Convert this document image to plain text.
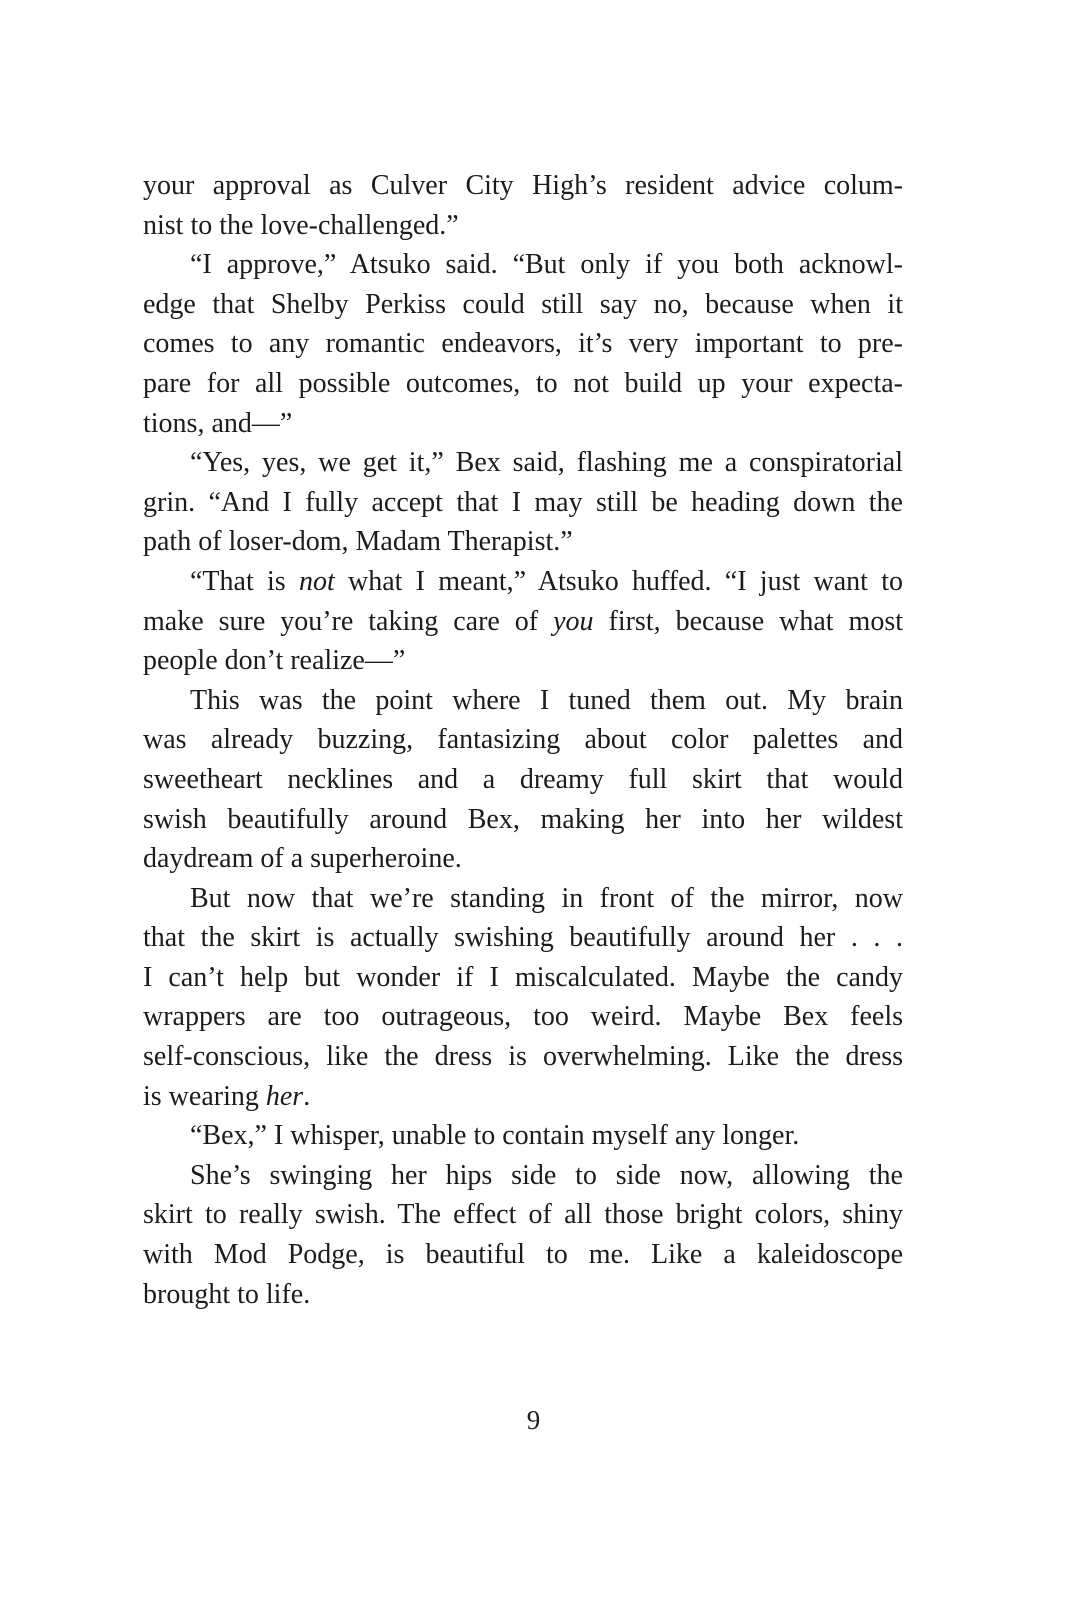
your approval as Culver City High’s resident advice colum-
nist to the love-challenged.”
“I approve,” Atsuko said. “But only if you both acknowl-
edge that Shelby Perkiss could still say no, because when it
comes to any romantic endeavors, it’s very important to pre-
pare for all possible outcomes, to not build up your expecta-
tions, and—”
“Yes, yes, we get it,” Bex said, flashing me a conspiratorial
grin. “And I fully accept that I may still be heading down the
path of loser-dom, Madam Therapist.”
“That is not what I meant,” Atsuko huffed. “I just want to
make sure you’re taking care of you first, because what most
people don’t realize—”
This was the point where I tuned them out. My brain
was already buzzing, fantasizing about color palettes and
sweetheart necklines and a dreamy full skirt that would
swish beautifully around Bex, making her into her wildest
daydream of a superheroine.
But now that we’re standing in front of the mirror, now
that the skirt is actually swishing beautifully around her . . .
I can’t help but wonder if I miscalculated. Maybe the candy
wrappers are too outrageous, too weird. Maybe Bex feels
self-conscious, like the dress is overwhelming. Like the dress
is wearing her.
“Bex,” I whisper, unable to contain myself any longer.
She’s swinging her hips side to side now, allowing the
skirt to really swish. The effect of all those bright colors, shiny
with Mod Podge, is beautiful to me. Like a kaleidoscope
brought to life.
9
